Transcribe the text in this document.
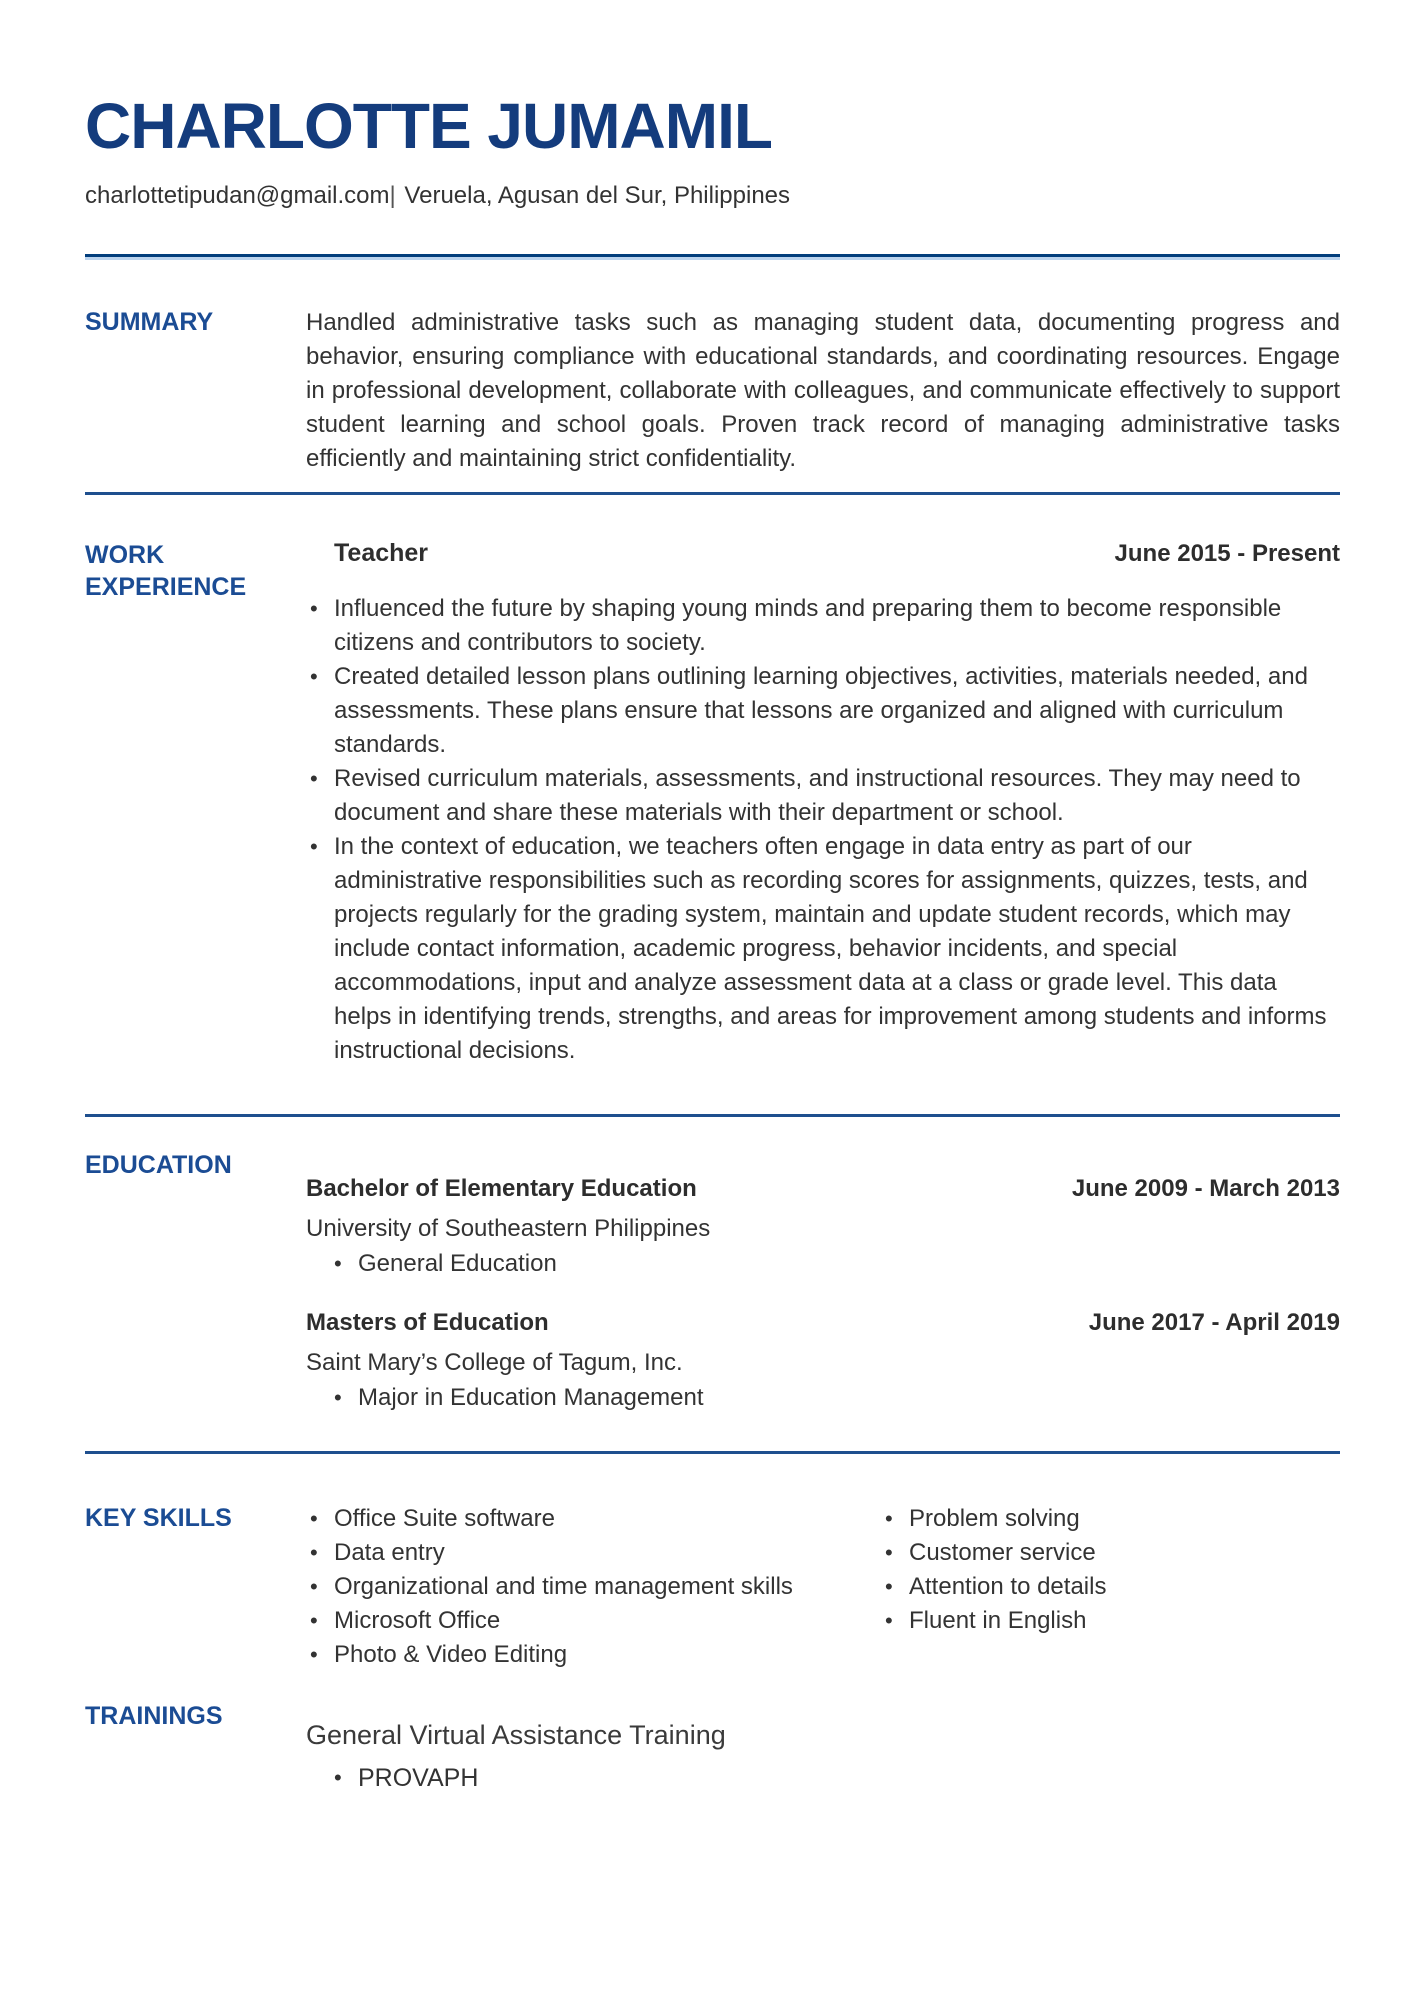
CHARLOTTE JUMAMIL
charlottetipudan@gmail.com| Veruela, Agusan del Sur, Philippines
SUMMARY	Handled administrative tasks such as managing student data, documenting progress and behavior, ensuring compliance with educational standards, and coordinating resources. Engage in professional development, collaborate with colleagues, and communicate effectively to support student learning and school goals. Proven track record of managing administrative tasks efficiently and maintaining strict confidentiality.

WORK EXPERIENCE
Teacher	June 2015 - Present
• Influenced the future by shaping young minds and preparing them to become responsible citizens and contributors to society.
• Created detailed lesson plans outlining learning objectives, activities, materials needed, and assessments. These plans ensure that lessons are organized and aligned with curriculum standards.
• Revised curriculum materials, assessments, and instructional resources. They may need to document and share these materials with their department or school.
• In the context of education, we teachers often engage in data entry as part of our administrative responsibilities such as recording scores for assignments, quizzes, tests, and projects regularly for the grading system, maintain and update student records, which may include contact information, academic progress, behavior incidents, and special accommodations, input and analyze assessment data at a class or grade level. This data helps in identifying trends, strengths, and areas for improvement among students and informs instructional decisions.
EDUCATION
Bachelor of Elementary Education	June 2009 - March 2013
University of Southeastern Philippines
• General Education
Masters of Education	June 2017 - April 2019
Saint Mary’s College of Tagum, Inc.
• Major in Education Management
KEY SKILLS	• Office Suite software
• Data entry
• Organizational and time management skills
• Microsoft Office
• Photo & Video Editing
• Problem solving
• Customer service
• Attention to details
• Fluent in English
TRAININGS
General Virtual Assistance Training
• PROVAPH
